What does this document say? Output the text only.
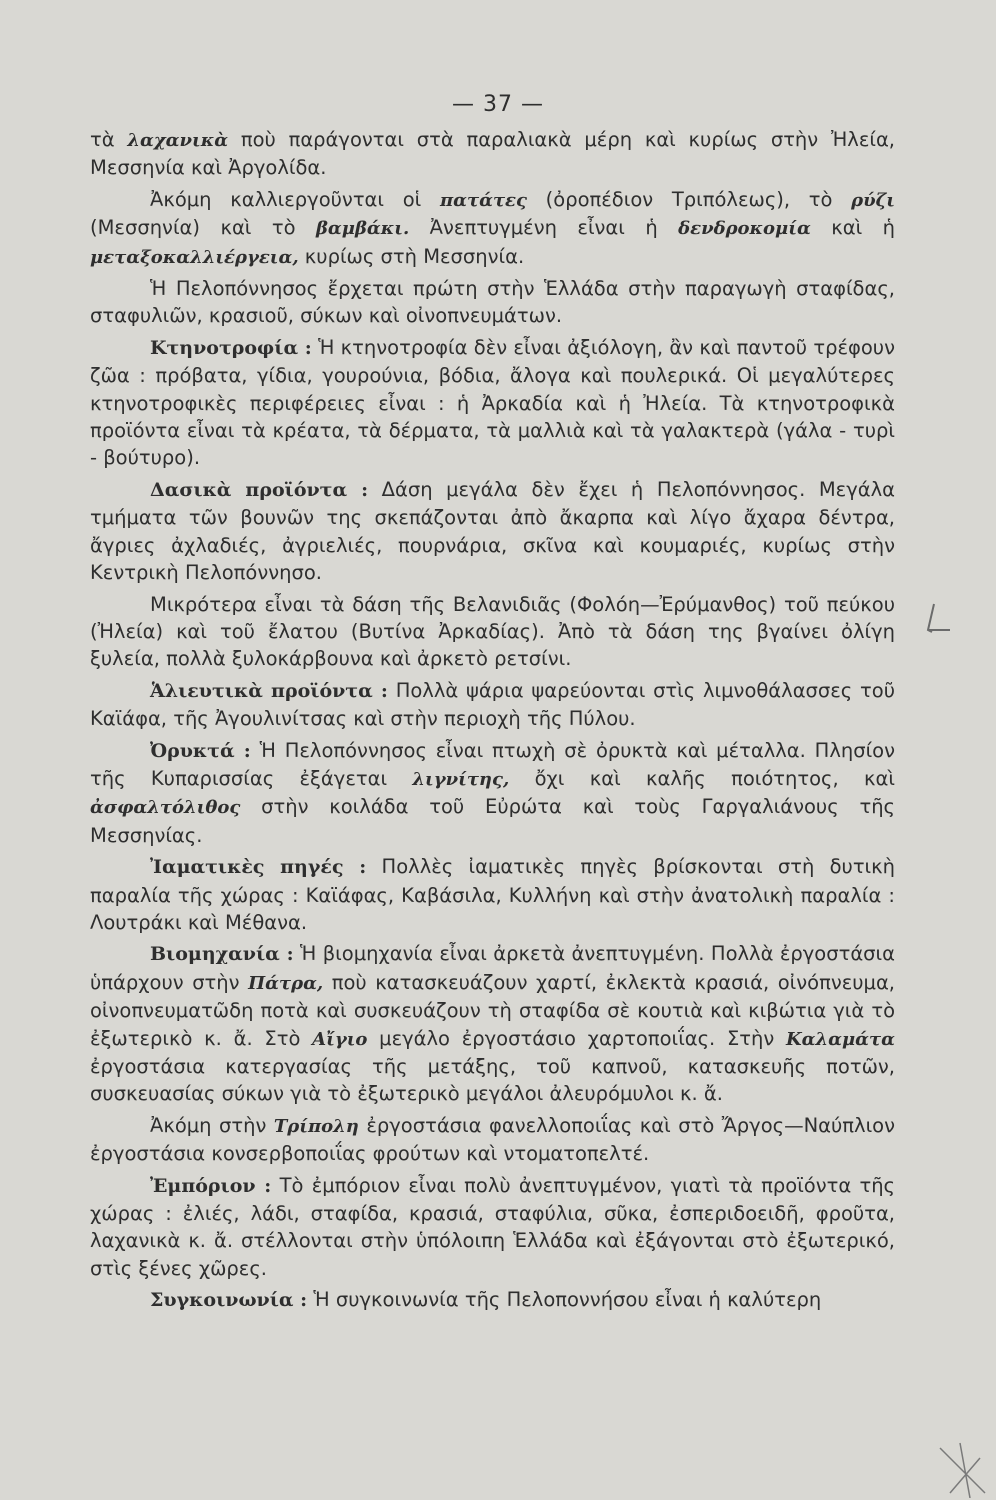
— 37 —

τὰ λαχανικὰ ποὺ παράγονται στὰ παραλιακὰ μέρη καὶ κυρίως στὴν Ἠλεία, Μεσσηνία καὶ Ἀργολίδα.

Ἀκόμη καλλιεργοῦνται οἱ πατάτες (ὀροπέδιον Τριπόλεως), τὸ ρύζι (Μεσσηνία) καὶ τὸ βαμβάκι. Ἀνεπτυγμένη εἶναι ἡ δενδροκομία καὶ ἡ μεταξοκαλλιέργεια, κυρίως στὴ Μεσσηνία.

Ἡ Πελοπόννησος ἔρχεται πρώτη στὴν Ἑλλάδα στὴν παραγωγὴ σταφίδας, σταφυλιῶν, κρασιοῦ, σύκων καὶ οἰνοπνευμάτων.

Κτηνοτροφία : Ἡ κτηνοτροφία δὲν εἶναι ἀξιόλογη, ἂν καὶ παντοῦ τρέφουν ζῶα : πρόβατα, γίδια, γουρούνια, βόδια, ἄλογα καὶ πουλερικά. Οἱ μεγαλύτερες κτηνοτροφικὲς περιφέρειες εἶναι : ἡ Ἀρκαδία καὶ ἡ Ἠλεία. Τὰ κτηνοτροφικὰ προϊόντα εἶναι τὰ κρέατα, τὰ δέρματα, τὰ μαλλιὰ καὶ τὰ γαλακτερὰ (γάλα - τυρὶ - βούτυρο).

Δασικὰ προϊόντα : Δάση μεγάλα δὲν ἔχει ἡ Πελοπόννησος. Μεγάλα τμήματα τῶν βουνῶν της σκεπάζονται ἀπὸ ἄκαρπα καὶ λίγο ἄχαρα δέντρα, ἄγριες ἀχλαδιές, ἀγριελιές, πουρνάρια, σκῖνα καὶ κουμαριές, κυρίως στὴν Κεντρικὴ Πελοπόννησο.

Μικρότερα εἶναι τὰ δάση τῆς Βελανιδιᾶς (Φολόη—Ἐρύμανθος) τοῦ πεύκου (Ἠλεία) καὶ τοῦ ἔλατου (Βυτίνα Ἀρκαδίας). Ἀπὸ τὰ δάση της βγαίνει ὀλίγη ξυλεία, πολλὰ ξυλοκάρβουνα καὶ ἀρκετὸ ρετσίνι.

Ἁλιευτικὰ προϊόντα : Πολλὰ ψάρια ψαρεύονται στὶς λιμνοθάλασσες τοῦ Καϊάφα, τῆς Ἀγουλινίτσας καὶ στὴν περιοχὴ τῆς Πύλου.

Ὀρυκτά : Ἡ Πελοπόννησος εἶναι πτωχὴ σὲ ὀρυκτὰ καὶ μέταλλα. Πλησίον τῆς Κυπαρισσίας ἐξάγεται λιγνίτης, ὄχι καὶ καλῆς ποιότητος, καὶ ἀσφαλτόλιθος στὴν κοιλάδα τοῦ Εὐρώτα καὶ τοὺς Γαργαλιάνους τῆς Μεσσηνίας.

Ἰαματικὲς πηγές : Πολλὲς ἰαματικὲς πηγὲς βρίσκονται στὴ δυτικὴ παραλία τῆς χώρας : Καϊάφας, Καβάσιλα, Κυλλήνη καὶ στὴν ἀνατολικὴ παραλία : Λουτράκι καὶ Μέθανα.

Βιομηχανία : Ἡ βιομηχανία εἶναι ἀρκετὰ ἀνεπτυγμένη. Πολλὰ ἐργοστάσια ὑπάρχουν στὴν Πάτρα, ποὺ κατασκευάζουν χαρτί, ἐκλεκτὰ κρασιά, οἰνόπνευμα, οἰνοπνευματῶδη ποτὰ καὶ συσκευάζουν τὴ σταφίδα σὲ κουτιὰ καὶ κιβώτια γιὰ τὸ ἐξωτερικὸ κ. ἄ. Στὸ Αἴγιο μεγάλο ἐργοστάσιο χαρτοποιΐας. Στὴν Καλαμάτα ἐργοστάσια κατεργασίας τῆς μετάξης, τοῦ καπνοῦ, κατασκευῆς ποτῶν, συσκευασίας σύκων γιὰ τὸ ἐξωτερικὸ μεγάλοι ἀλευρόμυλοι κ. ἄ.

Ἀκόμη στὴν Τρίπολη ἐργοστάσια φανελλοποιΐας καὶ στὸ Ἄργος—Ναύπλιον ἐργοστάσια κονσερβοποιΐας φρούτων καὶ ντοματοπελτέ.

Ἐμπόριον : Τὸ ἐμπόριον εἶναι πολὺ ἀνεπτυγμένον, γιατὶ τὰ προϊόντα τῆς χώρας : ἐλιές, λάδι, σταφίδα, κρασιά, σταφύλια, σῦκα, ἐσπεριδοειδῆ, φροῦτα, λαχανικὰ κ. ἄ. στέλλονται στὴν ὑπόλοιπη Ἑλλάδα καὶ ἐξάγονται στὸ ἐξωτερικό, στὶς ξένες χῶρες.

Συγκοινωνία : Ἡ συγκοινωνία τῆς Πελοποννήσου εἶναι ἡ καλύτερη
